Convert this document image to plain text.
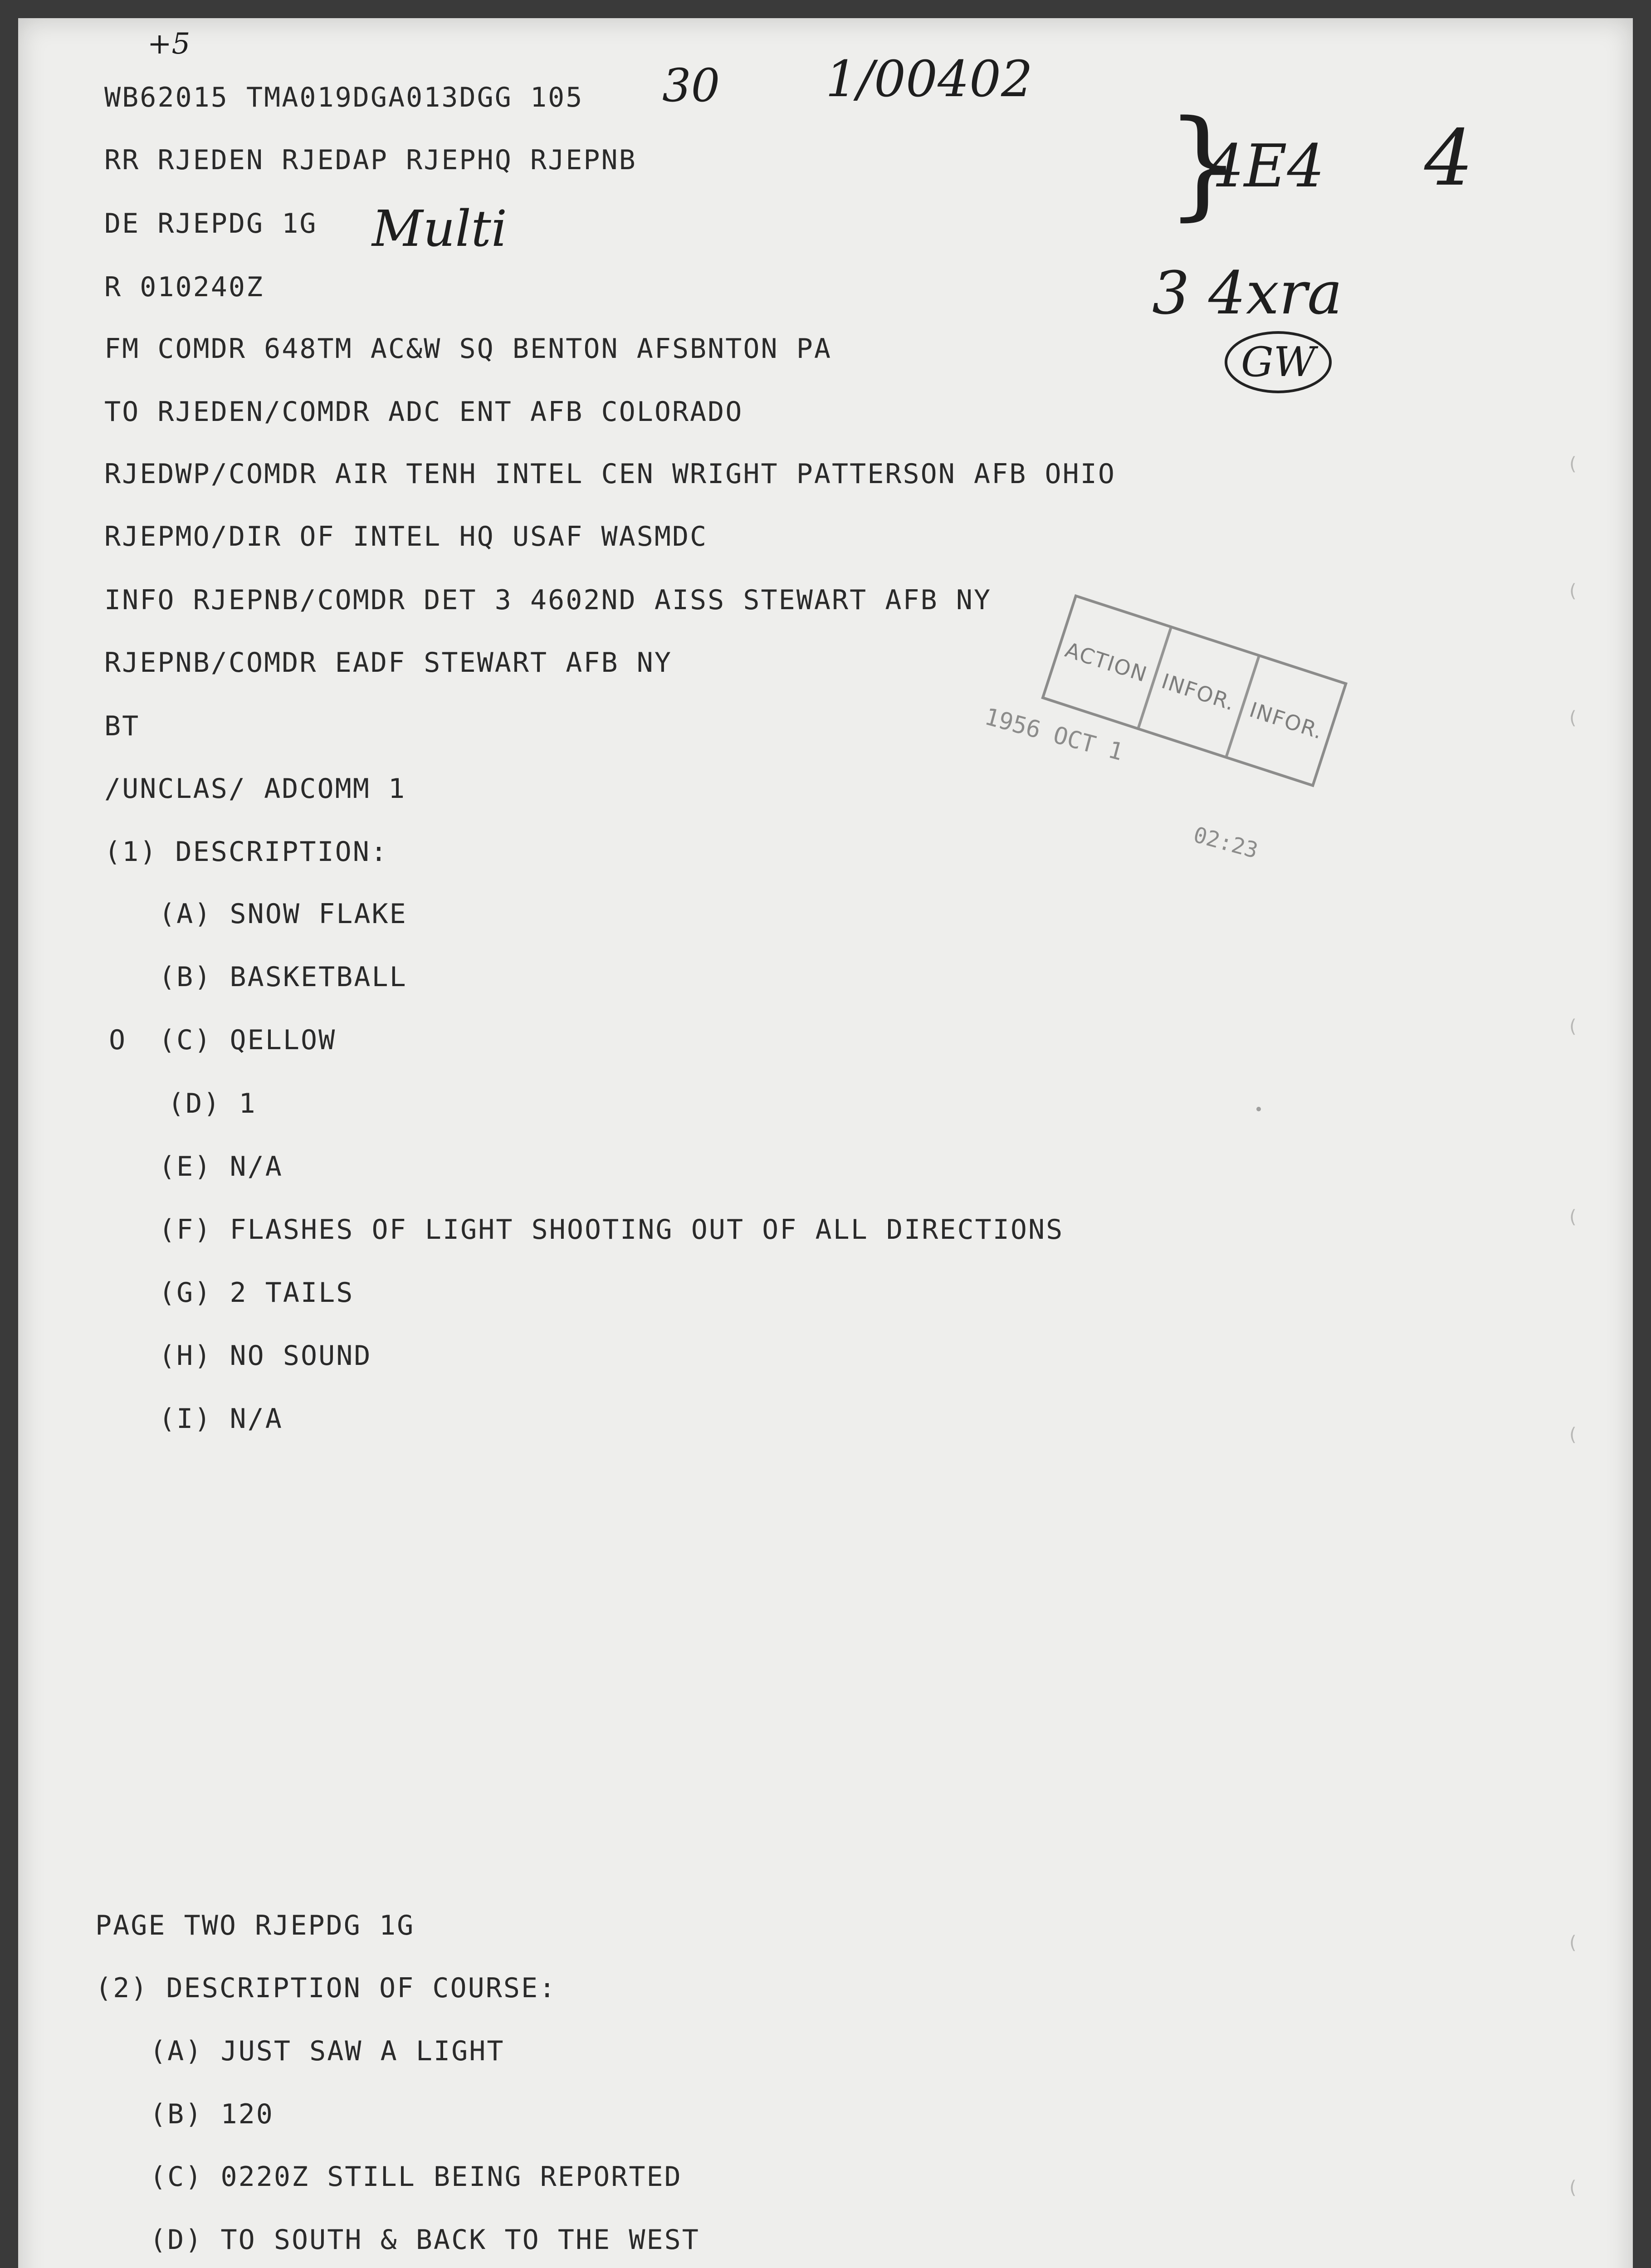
+5
30 1/00402
Multi
4E4 4
3 4xra
GW
}
ACTION
INFOR.
INFOR.
1956 OCT 1
02:23
WB62015 TMA019DGA013DGG 105
RR RJEDEN RJEDAP RJEPHQ RJEPNB
DE RJEPDG 1G
R 010240Z
FM COMDR 648TM AC&W SQ BENTON AFSBNTON PA
TO RJEDEN/COMDR ADC ENT AFB COLORADO
RJEDWP/COMDR AIR TENH INTEL CEN WRIGHT PATTERSON AFB OHIO
RJEPMO/DIR OF INTEL HQ USAF WASMDC
INFO RJEPNB/COMDR DET 3 4602ND AISS STEWART AFB NY
RJEPNB/COMDR EADF STEWART AFB NY
BT
/UNCLAS/ ADCOMM 1
(1) DESCRIPTION:
(A) SNOW FLAKE
(B) BASKETBALL
O (C) QELLOW
(D) 1
(E) N/A
(F) FLASHES OF LIGHT SHOOTING OUT OF ALL DIRECTIONS
(G) 2 TAILS
(H) NO SOUND
(I) N/A
PAGE TWO RJEPDG 1G
(2) DESCRIPTION OF COURSE:
(A) JUST SAW A LIGHT
(B) 120
(C) 0220Z STILL BEING REPORTED
(D) TO SOUTH & BACK TO THE WEST
(
(
(
(
(
(
(
(
